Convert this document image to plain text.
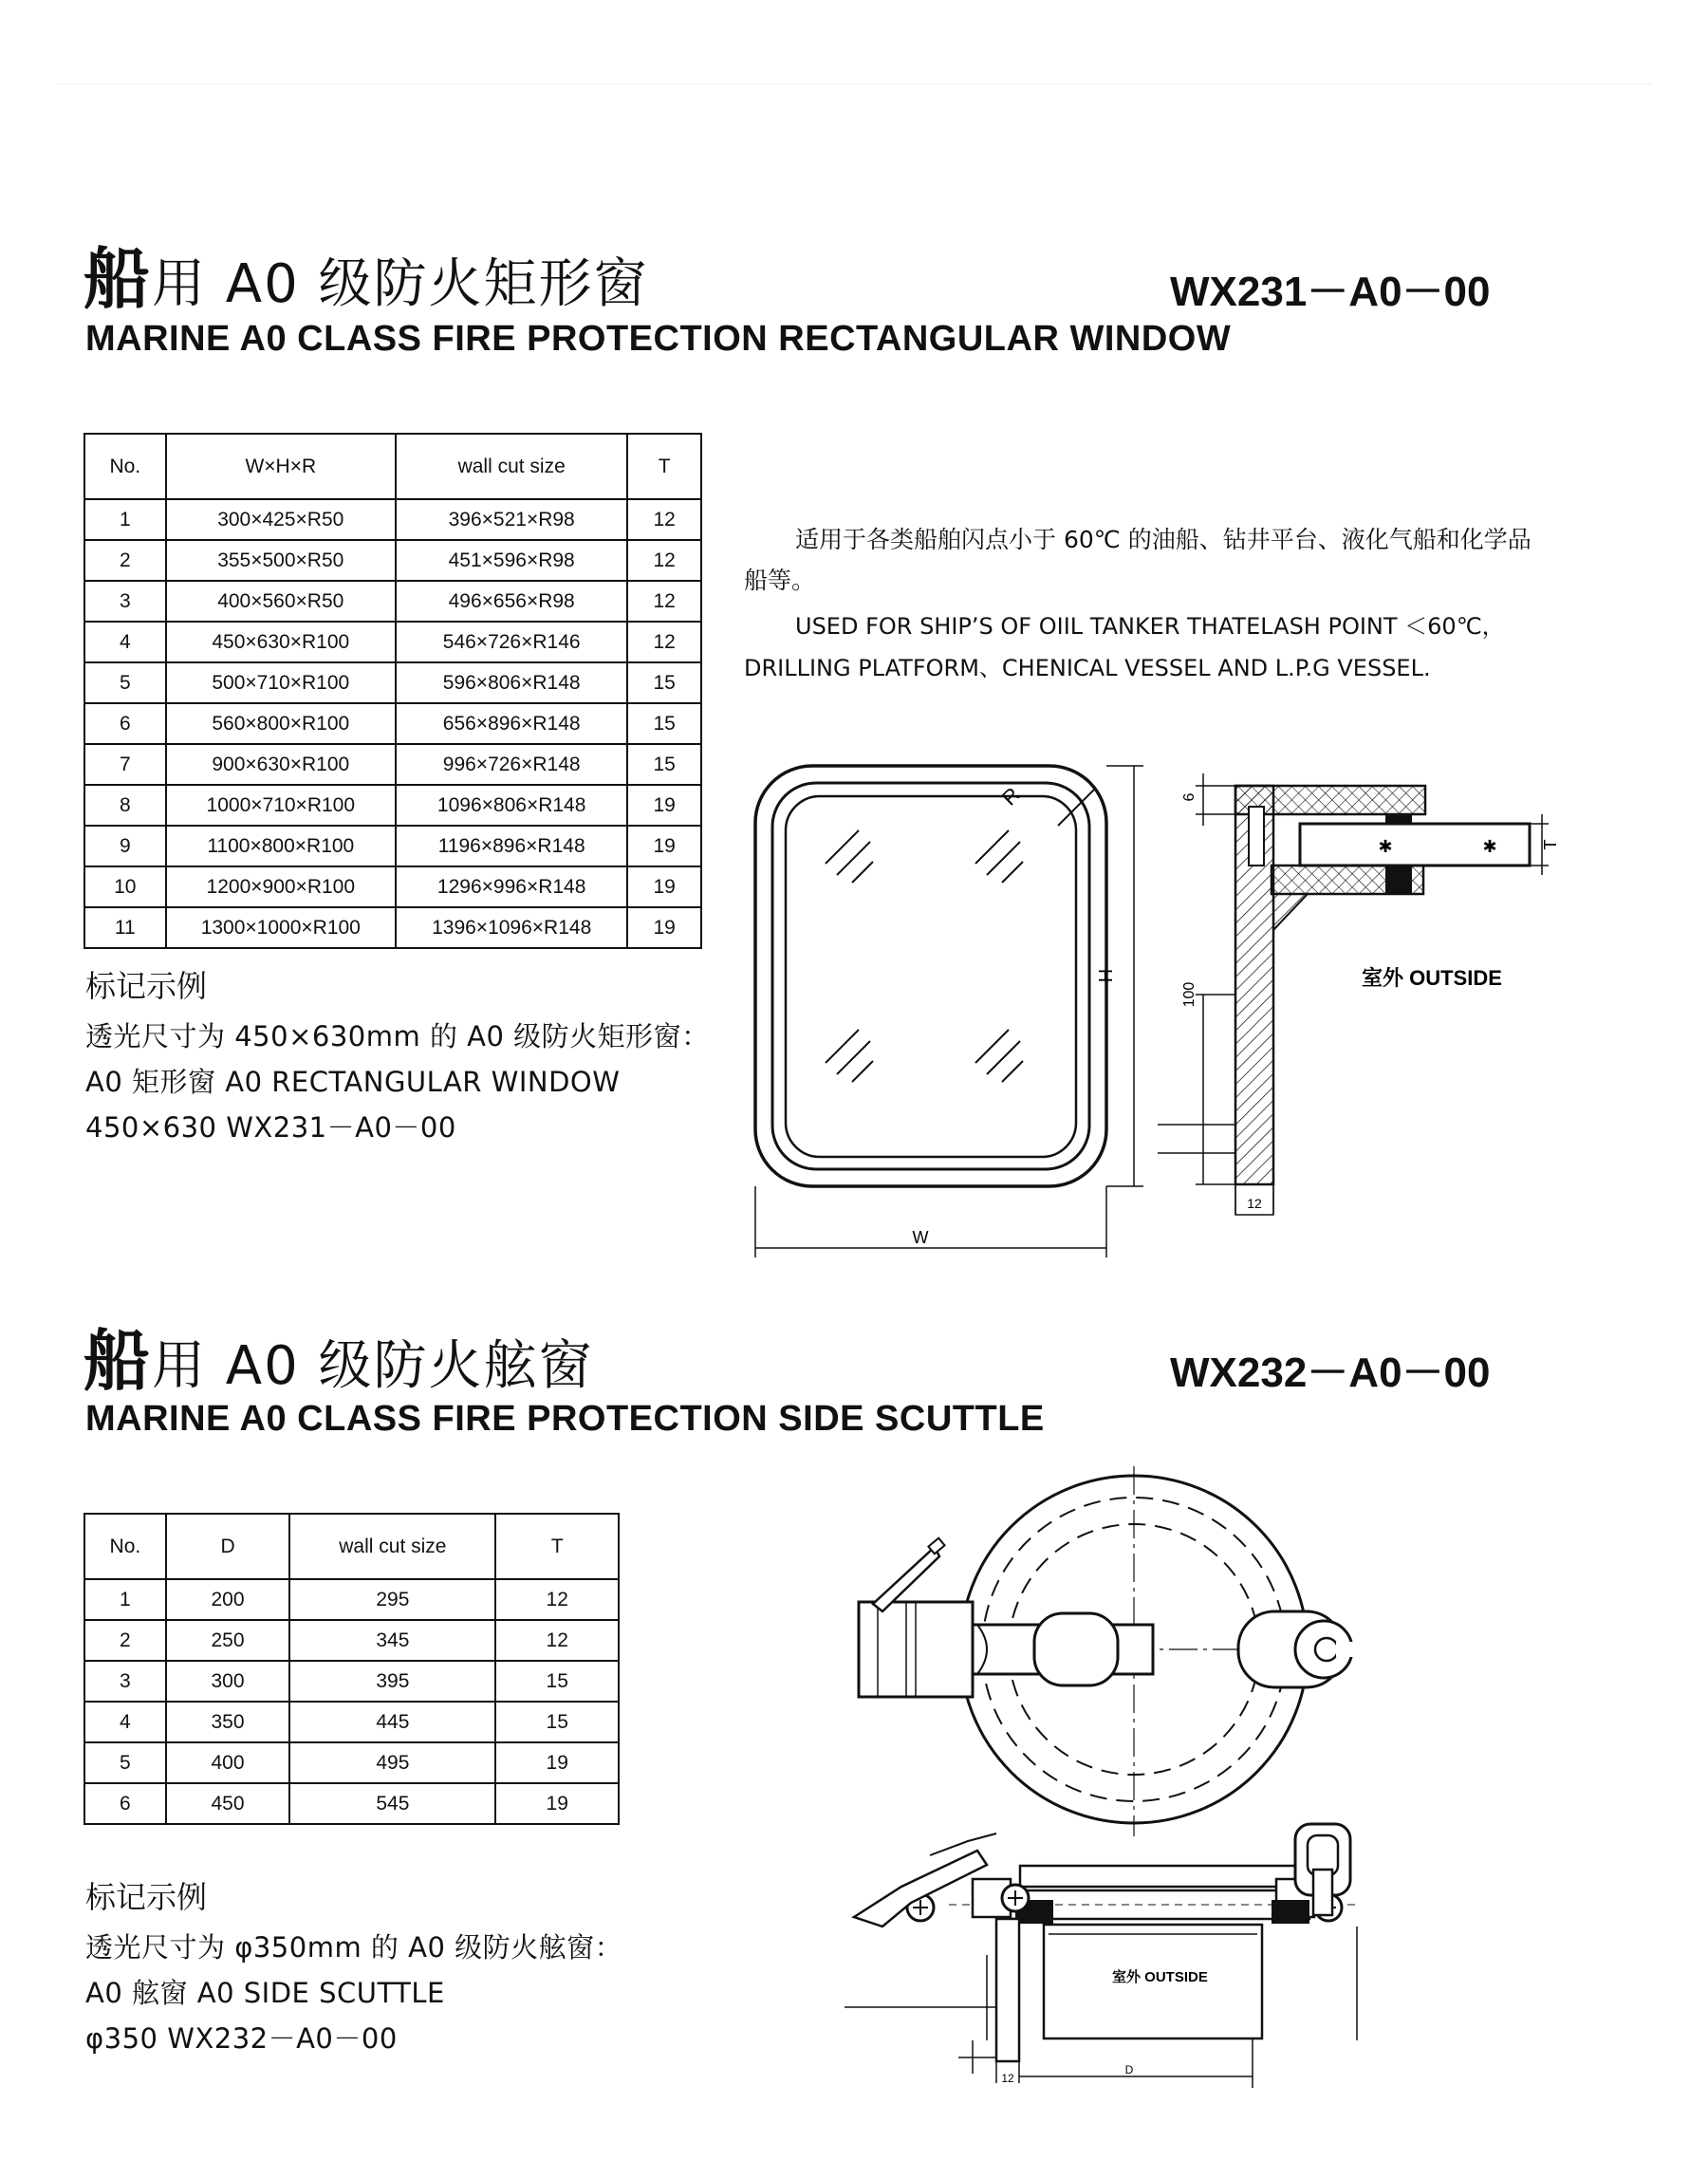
船用 A0 级防火矩形窗	WX231－A0－00
MARINE A0 CLASS FIRE PROTECTION RECTANGULAR WINDOW
No.	W×H×R	wall cut size	T
1	300×425×R50	396×521×R98	12
2	355×500×R50	451×596×R98	12
3	400×560×R50	496×656×R98	12
4	450×630×R100	546×726×R146	12
5	500×710×R100	596×806×R148	15
6	560×800×R100	656×896×R148	15
7	900×630×R100	996×726×R148	15
8	1000×710×R100	1096×806×R148	19
9	1100×800×R100	1196×896×R148	19
10	1200×900×R100	1296×996×R148	19
11	1300×1000×R100	1396×1096×R148	19
适用于各类船舶闪点小于 60℃ 的油船、钻井平台、液化气船和化学品
船等。
USED FOR SHIP’S OF OIIL TANKER THATELASH POINT ＜60℃，
DRILLING PLATFORM、CHENICAL VESSEL AND L.P.G VESSEL.
标记示例
透光尺寸为 450×630mm 的 A0 级防火矩形窗：
A0 矩形窗 A0 RECTANGULAR WINDOW
450×630 WX231－A0－00
R
H
W
✱	✱
6
T
100
12
室外 OUTSIDE
船用 A0 级防火舷窗	WX232－A0－00
MARINE A0 CLASS FIRE PROTECTION SIDE SCUTTLE
No.	D	wall cut size	T
1	200	295	12
2	250	345	12
3	300	395	15
4	350	445	15
5	400	495	19
6	450	545	19
标记示例
透光尺寸为 φ350mm 的 A0 级防火舷窗：
A0 舷窗 A0 SIDE SCUTTLE
φ350 WX232－A0－00
12
D
室外 OUTSIDE
